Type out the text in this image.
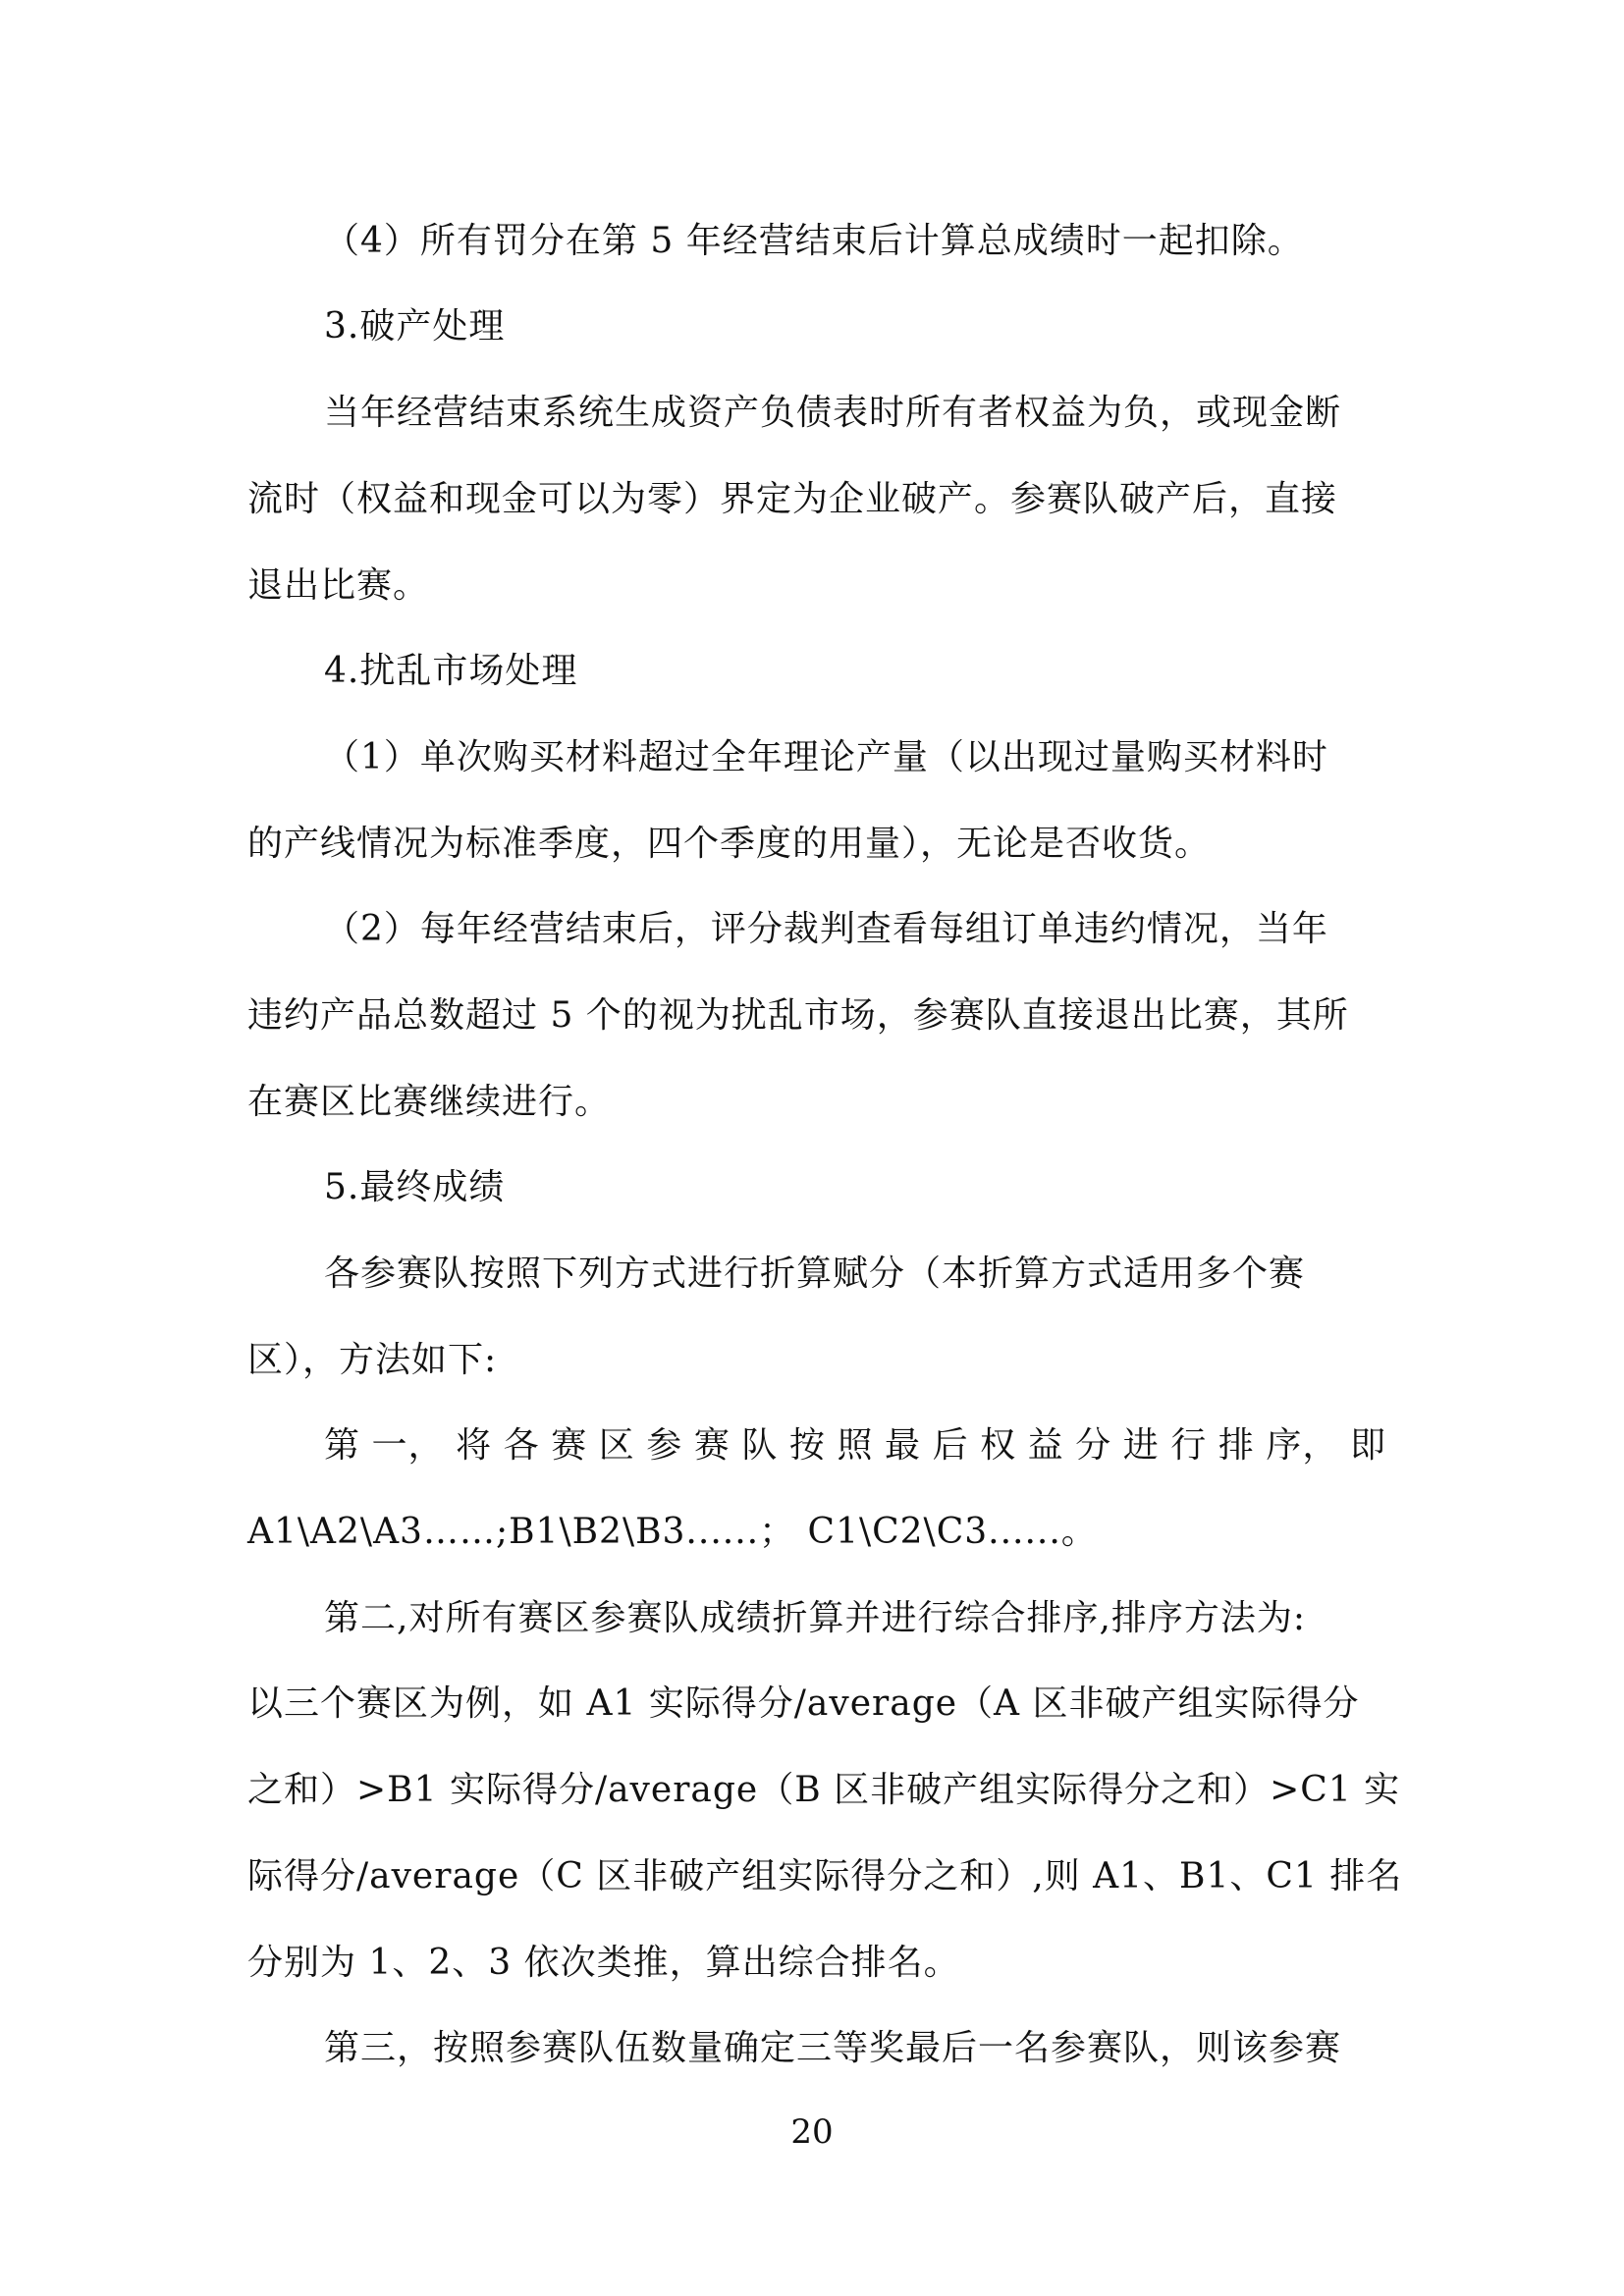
（4）所有罚分在第 5 年经营结束后计算总成绩时一起扣除。
3.破产处理
当年经营结束系统生成资产负债表时所有者权益为负，或现金断
流时（权益和现金可以为零）界定为企业破产。参赛队破产后，直接
退出比赛。
4.扰乱市场处理
（1）单次购买材料超过全年理论产量（以出现过量购买材料时
的产线情况为标准季度，四个季度的用量），无论是否收货。
（2）每年经营结束后，评分裁判查看每组订单违约情况，当年
违约产品总数超过 5 个的视为扰乱市场，参赛队直接退出比赛，其所
在赛区比赛继续进行。
5.最终成绩
各参赛队按照下列方式进行折算赋分（本折算方式适用多个赛
区），方法如下:
第 一， 将 各 赛 区 参 赛 队 按 照 最 后 权 益 分 进 行 排 序， 即
A1\A2\A3……;B1\B2\B3......； C1\C2\C3......。
第二,对所有赛区参赛队成绩折算并进行综合排序,排序方法为:
以三个赛区为例，如 A1 实际得分/average（A 区非破产组实际得分
之和）>B1 实际得分/average（B 区非破产组实际得分之和）>C1 实
际得分/average（C 区非破产组实际得分之和）,则 A1、B1、C1 排名
分别为 1、2、3 依次类推，算出综合排名。
第三，按照参赛队伍数量确定三等奖最后一名参赛队，则该参赛
20
